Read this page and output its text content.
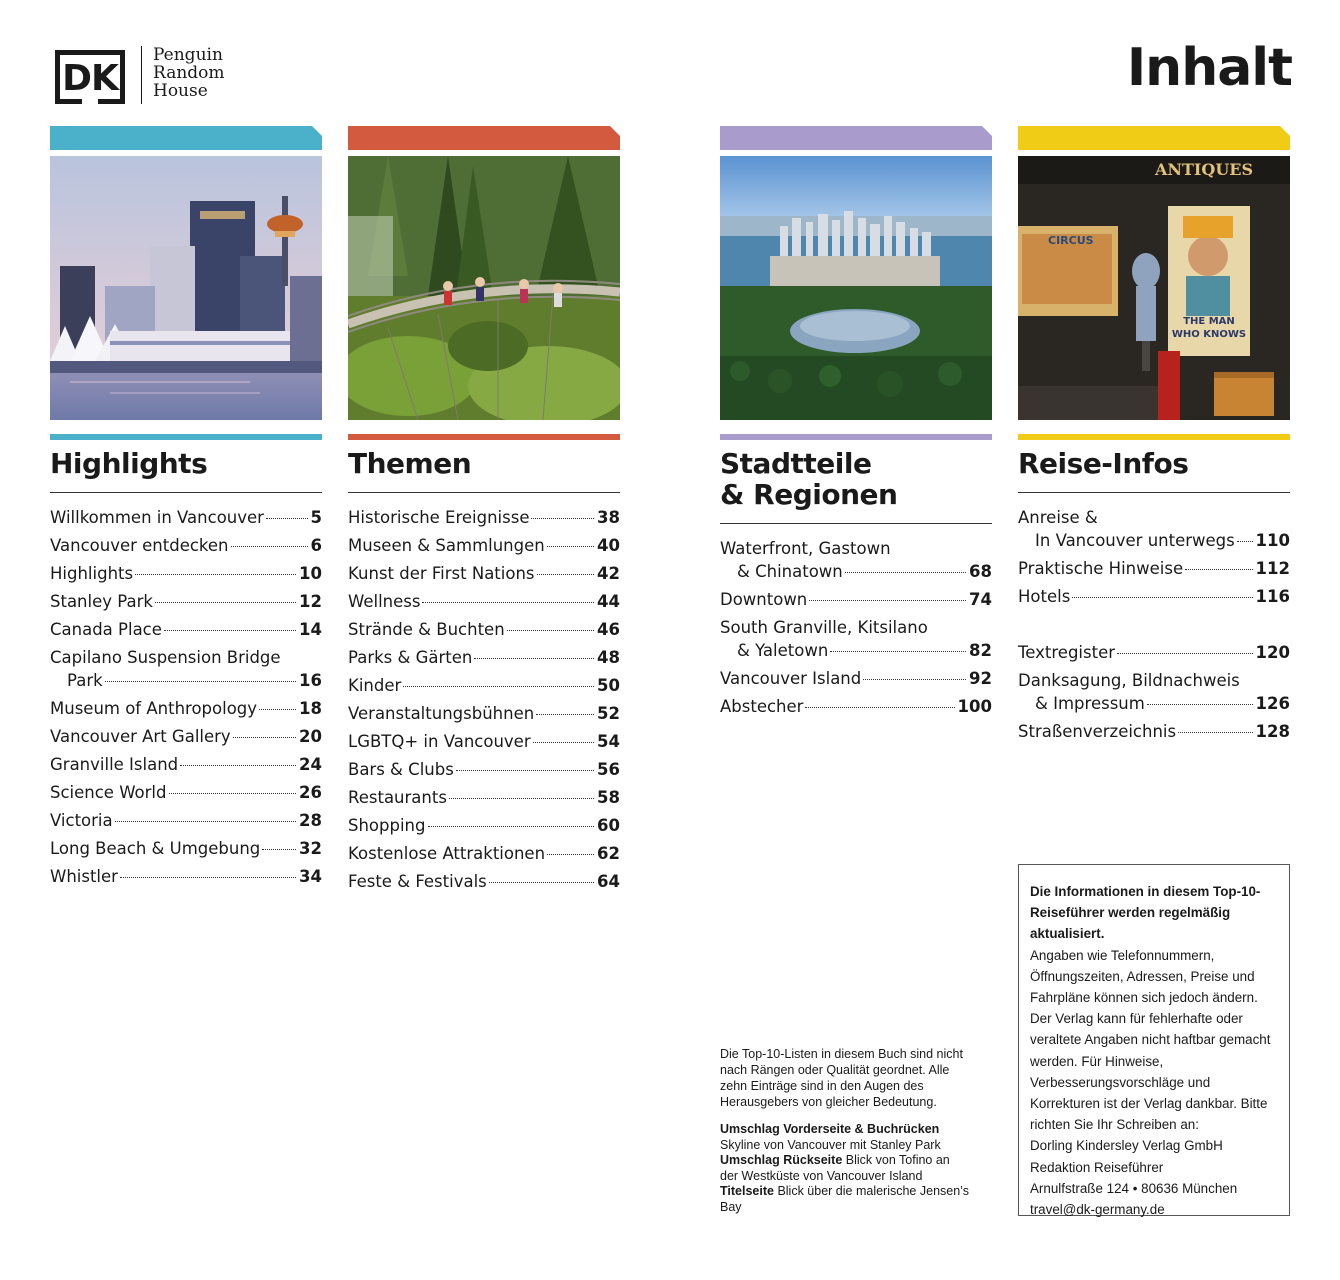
DK
Penguin
Random
House	Inhalt
Highlights
Willkommen in Vancouver	5
Vancouver entdecken	6
Highlights	10
Stanley Park	12
Canada Place	14
Capilano Suspension Bridge
Park	16
Museum of Anthropology	18
Vancouver Art Gallery	20
Granville Island	24
Science World	26
Victoria	28
Long Beach & Umgebung 32
Whistler	34
Themen
Historische Ereignisse	38
Museen & Sammlungen	40
Kunst der First Nations	42
Wellness	44
Strände & Buchten	46
Parks & Gärten	48
Kinder	50
Veranstaltungsbühnen	52
LGBTQ+ in Vancouver	54
Bars & Clubs	56
Restaurants	58
Shopping	60
Kostenlose Attraktionen	62
Feste & Festivals	64
Stadtteile
& Regionen
Waterfront, Gastown
& Chinatown	68
Downtown	74
South Granville, Kitsilano
& Yaletown	82
Vancouver Island	92
Abstecher	100
ANTIQUES
CIRCUS
THE MAN
WHO KNOWS
Reise-Infos
Anreise &
In Vancouver unterwegs 110
Praktische Hinweise	112
Hotels	116
Textregister	120
Danksagung, Bildnachweis
& Impressum	126
Straßenverzeichnis	128

Die Top-10-Listen in diesem Buch sind nicht nach Rängen oder Qualität geordnet. Alle zehn Einträge sind in den Augen des Herausgebers von gleicher Bedeutung.

Umschlag Vorderseite & Buchrücken
Skyline von Vancouver mit Stanley Park
Umschlag Rückseite Blick von Tofino an der Westküste von Vancouver Island
Titelseite Blick über die malerische Jensen’s Bay
Die Informationen in diesem Top-10-Reiseführer werden regelmäßig aktualisiert.
Angaben wie Telefonnummern, Öffnungszeiten, Adressen, Preise und Fahrpläne können sich jedoch ändern. Der Verlag kann für fehlerhafte oder veraltete Angaben nicht haftbar gemacht werden. Für Hinweise, Verbesserungsvorschläge und Korrekturen ist der Verlag dankbar. Bitte richten Sie Ihr Schreiben an:
Dorling Kindersley Verlag GmbH
Redaktion Reiseführer
Arnulfstraße 124 • 80636 München
travel@dk-germany.de
